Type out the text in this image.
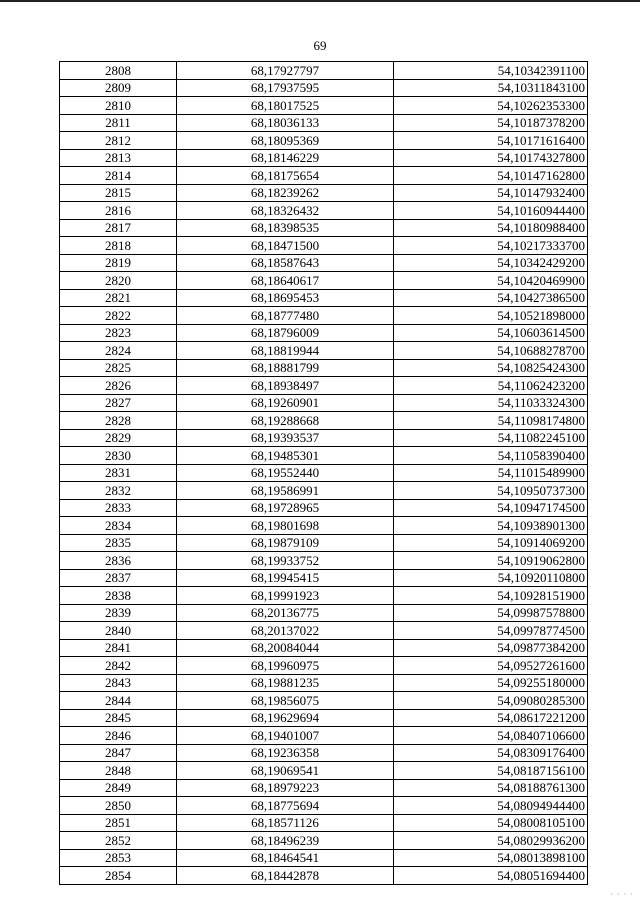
69
2808	68,17927797	54,10342391100
2809	68,17937595	54,10311843100
2810	68,18017525	54,10262353300
2811	68,18036133	54,10187378200
2812	68,18095369	54,10171616400
2813	68,18146229	54,10174327800
2814	68,18175654	54,10147162800
2815	68,18239262	54,10147932400
2816	68,18326432	54,10160944400
2817	68,18398535	54,10180988400
2818	68,18471500	54,10217333700
2819	68,18587643	54,10342429200
2820	68,18640617	54,10420469900
2821	68,18695453	54,10427386500
2822	68,18777480	54,10521898000
2823	68,18796009	54,10603614500
2824	68,18819944	54,10688278700
2825	68,18881799	54,10825424300
2826	68,18938497	54,11062423200
2827	68,19260901	54,11033324300
2828	68,19288668	54,11098174800
2829	68,19393537	54,11082245100
2830	68,19485301	54,11058390400
2831	68,19552440	54,11015489900
2832	68,19586991	54,10950737300
2833	68,19728965	54,10947174500
2834	68,19801698	54,10938901300
2835	68,19879109	54,10914069200
2836	68,19933752	54,10919062800
2837	68,19945415	54,10920110800
2838	68,19991923	54,10928151900
2839	68,20136775	54,09987578800
2840	68,20137022	54,09978774500
2841	68,20084044	54,09877384200
2842	68,19960975	54,09527261600
2843	68,19881235	54,09255180000
2844	68,19856075	54,09080285300
2845	68,19629694	54,08617221200
2846	68,19401007	54,08407106600
2847	68,19236358	54,08309176400
2848	68,19069541	54,08187156100
2849	68,18979223	54,08188761300
2850	68,18775694	54,08094944400
2851	68,18571126	54,08008105100
2852	68,18496239	54,08029936200
2853	68,18464541	54,08013898100
2854	68,18442878	54,08051694400
· · · ·
